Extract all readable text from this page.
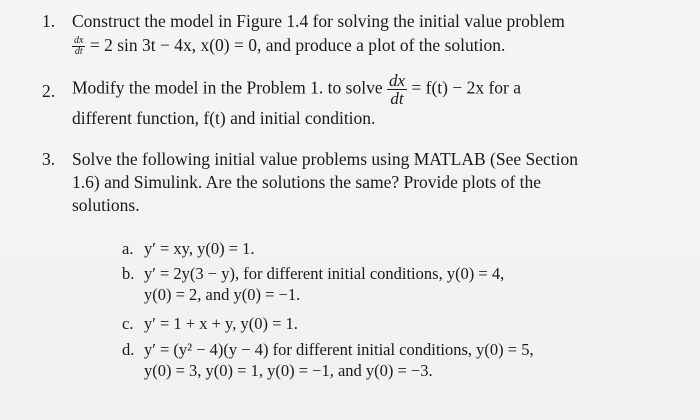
1. Construct the model in Figure 1.4 for solving the initial value problem
$\frac{dx}{dt} = 2$ sin 3t − 4x, x(0) = 0, and produce a plot of the solution.
2. Modify the model in the Problem 1. to solve $\frac{dx}{dt} = f(t) - 2x$ for a
different function, f(t) and initial condition.
3. Solve the following initial value problems using MATLAB (See Section
1.6) and Simulink. Are the solutions the same? Provide plots of the
solutions.
a. y′ = xy, y(0) = 1.
b. y′ = 2y(3 − y), for different initial conditions, y(0) = 4,
y(0) = 2, and y(0) = −1.
c. y′ = 1 + x + y, y(0) = 1.
d. y′ = (y² − 4)(y − 4) for different initial conditions, y(0) = 5,
y(0) = 3, y(0) = 1, y(0) = −1, and y(0) = −3.
